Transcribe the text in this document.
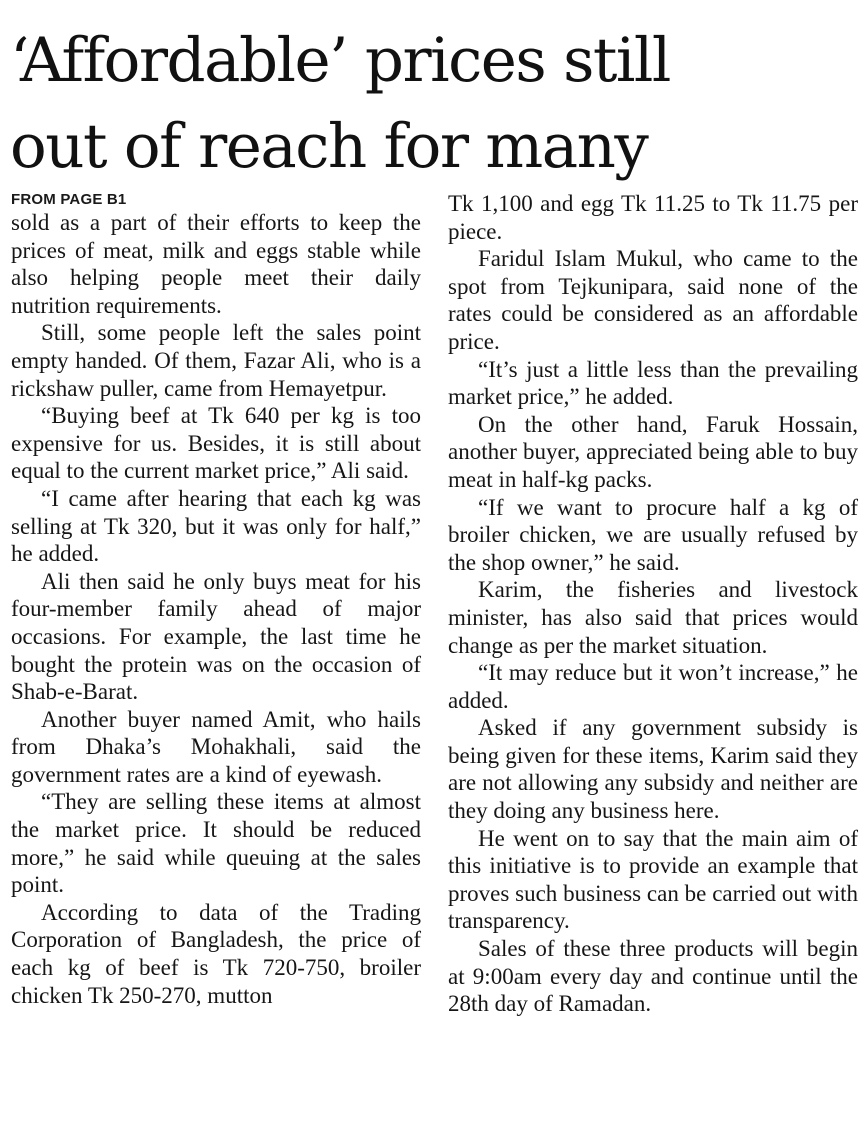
‘Affordable’ prices still
out of reach for many
FROM PAGE B1

sold as a part of their efforts to keep the prices of meat, milk and eggs stable while also helping people meet their daily nutrition requirements.

Still, some people left the sales point empty handed. Of them, Fazar Ali, who is a rickshaw puller, came from Hemayetpur.

“Buying beef at Tk 640 per kg is too expensive for us. Besides, it is still about equal to the current market price,” Ali said.

“I came after hearing that each kg was selling at Tk 320, but it was only for half,” he added.

Ali then said he only buys meat for his four-member family ahead of major occasions. For example, the last time he bought the protein was on the occasion of Shab-e-Barat.

Another buyer named Amit, who hails from Dhaka’s Mohakhali, said the government rates are a kind of eyewash.

“They are selling these items at almost the market price. It should be reduced more,” he said while queuing at the sales point.

According to data of the Trading Corporation of Bangladesh, the price of each kg of beef is Tk 720-750, broiler chicken Tk 250-270, mutton

Tk 1,100 and egg Tk 11.25 to Tk 11.75 per piece.

Faridul Islam Mukul, who came to the spot from Tejkunipara, said none of the rates could be considered as an affordable price.

“It’s just a little less than the prevailing market price,” he added.

On the other hand, Faruk Hossain, another buyer, appreciated being able to buy meat in half-kg packs.

“If we want to procure half a kg of broiler chicken, we are usually refused by the shop owner,” he said.

Karim, the fisheries and livestock minister, has also said that prices would change as per the market situation.

“It may reduce but it won’t increase,” he added.

Asked if any government subsidy is being given for these items, Karim said they are not allowing any subsidy and neither are they doing any business here.

He went on to say that the main aim of this initiative is to provide an example that proves such business can be carried out with transparency.

Sales of these three products will begin at 9:00am every day and continue until the 28th day of Ramadan.
